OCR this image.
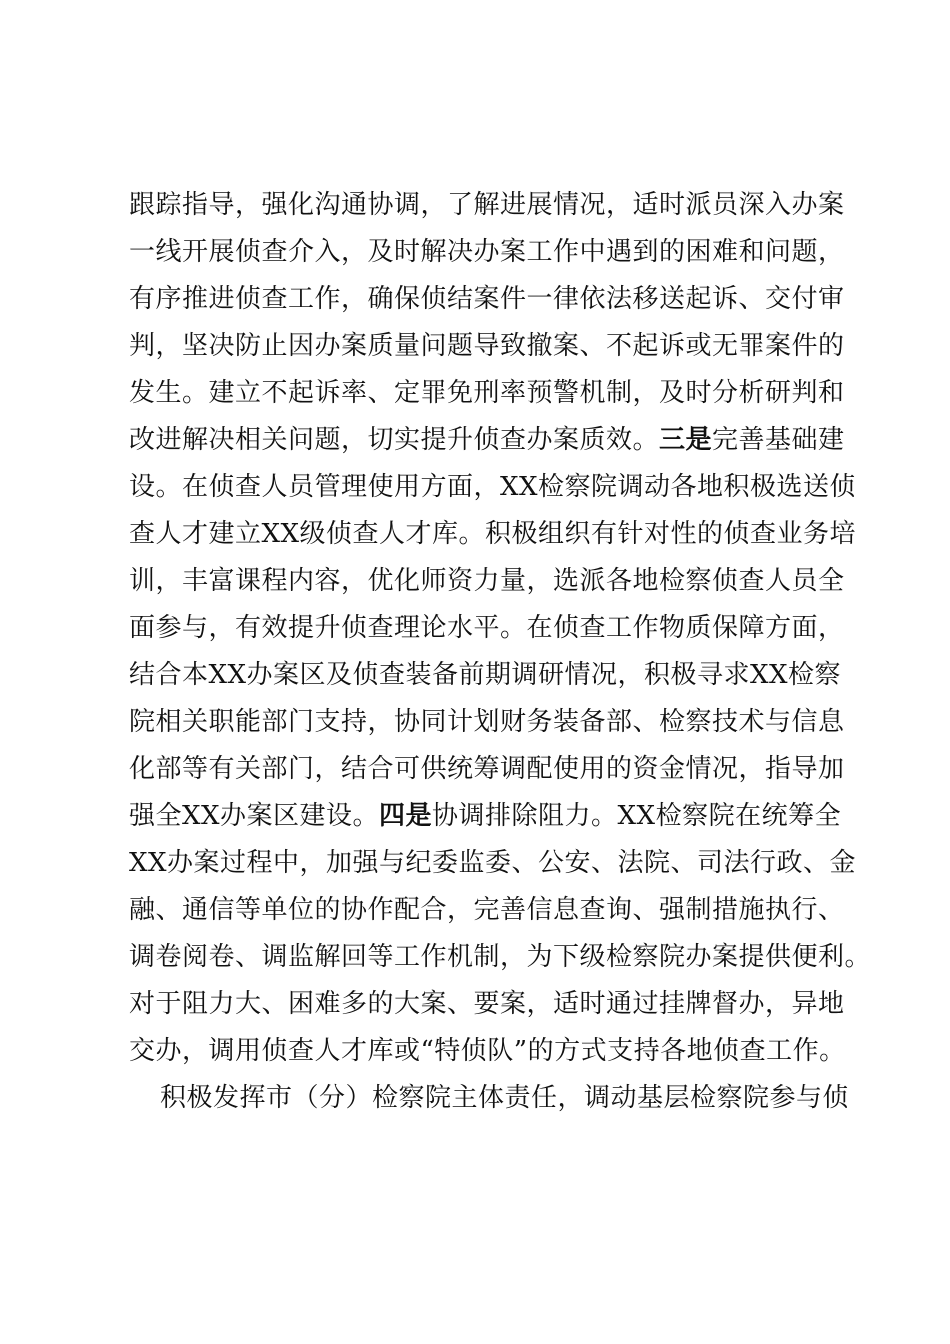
跟踪指导，强化沟通协调，了解进展情况，适时派员深入办案
一线开展侦查介入，及时解决办案工作中遇到的困难和问题，
有序推进侦查工作，确保侦结案件一律依法移送起诉、交付审
判，坚决防止因办案质量问题导致撤案、不起诉或无罪案件的
发生。建立不起诉率、定罪免刑率预警机制，及时分析研判和
改进解决相关问题，切实提升侦查办案质效。三是完善基础建
设。在侦查人员管理使用方面，XX检察院调动各地积极选送侦
查人才建立XX级侦查人才库。积极组织有针对性的侦查业务培
训，丰富课程内容，优化师资力量，选派各地检察侦查人员全
面参与，有效提升侦查理论水平。在侦查工作物质保障方面，
结合本XX办案区及侦查装备前期调研情况，积极寻求XX检察
院相关职能部门支持，协同计划财务装备部、检察技术与信息
化部等有关部门，结合可供统筹调配使用的资金情况，指导加
强全XX办案区建设。四是协调排除阻力。XX检察院在统筹全
XX办案过程中，加强与纪委监委、公安、法院、司法行政、金
融、通信等单位的协作配合，完善信息查询、强制措施执行、
调卷阅卷、调监解回等工作机制，为下级检察院办案提供便利。
对于阻力大、困难多的大案、要案，适时通过挂牌督办，异地
交办，调用侦查人才库或“特侦队”的方式支持各地侦查工作。
积极发挥市（分）检察院主体责任，调动基层检察院参与侦
